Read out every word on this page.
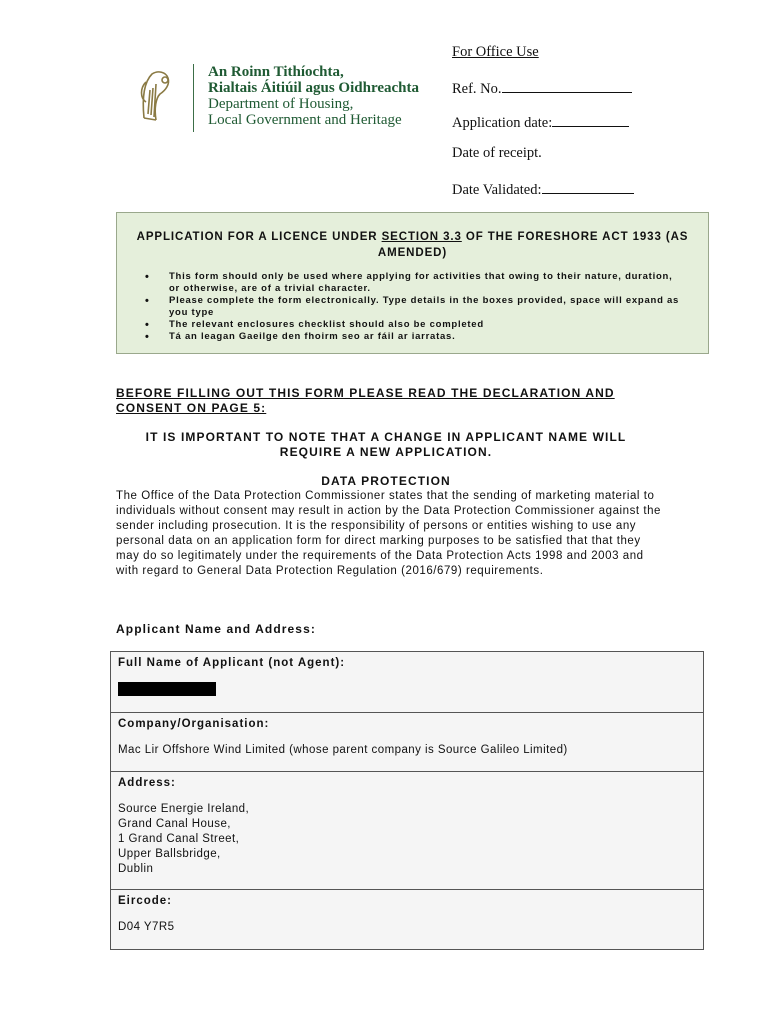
An Roinn Tithíochta,
Rialtais Áitiúil agus Oidhreachta
Department of Housing,
Local Government and Heritage
For Office Use
Ref. No.
Application date:
Date of receipt.
Date Validated:
APPLICATION FOR A LICENCE UNDER SECTION 3.3 OF THE FORESHORE ACT 1933 (AS AMENDED)
• This form should only be used where applying for activities that owing to their nature, duration, or otherwise, are of a trivial character.
• Please complete the form electronically. Type details in the boxes provided, space will expand as you type
• The relevant enclosures checklist should also be completed
• Tá an leagan Gaeilge den fhoirm seo ar fáil ar iarratas.
BEFORE FILLING OUT THIS FORM PLEASE READ THE DECLARATION AND CONSENT ON PAGE 5:
IT IS IMPORTANT TO NOTE THAT A CHANGE IN APPLICANT NAME WILL REQUIRE A NEW APPLICATION.
DATA PROTECTION
The Office of the Data Protection Commissioner states that the sending of marketing material to individuals without consent may result in action by the Data Protection Commissioner against the sender including prosecution. It is the responsibility of persons or entities wishing to use any personal data on an application form for direct marking purposes to be satisfied that that they may do so legitimately under the requirements of the Data Protection Acts 1998 and 2003 and with regard to General Data Protection Regulation (2016/679) requirements.
Applicant Name and Address:
Full Name of Applicant (not Agent):
Company/Organisation:
Mac Lir Offshore Wind Limited (whose parent company is Source Galileo Limited)
Address:
Source Energie Ireland,
Grand Canal House,
1 Grand Canal Street,
Upper Ballsbridge,
Dublin
Eircode:
D04 Y7R5
